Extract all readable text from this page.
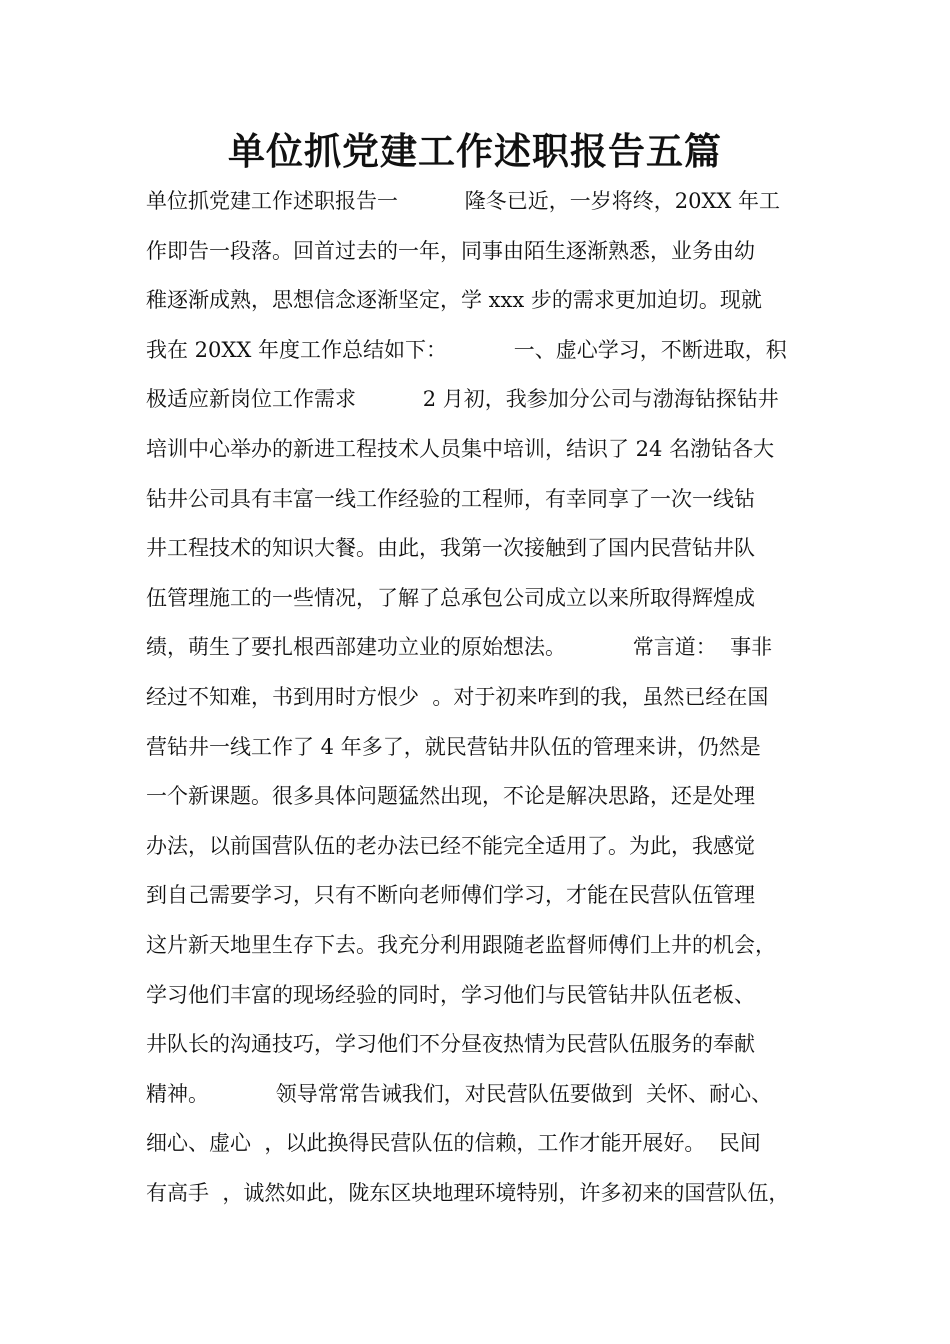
单位抓党建工作述职报告五篇
单位抓党建工作述职报告一          隆冬已近，一岁将终，20XX 年工
作即告一段落。回首过去的一年，同事由陌生逐渐熟悉，业务由幼
稚逐渐成熟，思想信念逐渐坚定，学 xxx 步的需求更加迫切。现就
我在 20XX 年度工作总结如下：          一、虚心学习，不断进取，积
极适应新岗位工作需求          2 月初，我参加分公司与渤海钻探钻井
培训中心举办的新进工程技术人员集中培训，结识了 24 名渤钻各大
钻井公司具有丰富一线工作经验的工程师，有幸同享了一次一线钻
井工程技术的知识大餐。由此，我第一次接触到了国内民营钻井队
伍管理施工的一些情况，了解了总承包公司成立以来所取得辉煌成
绩，萌生了要扎根西部建功立业的原始想法。          常言道：  事非
经过不知难，书到用时方恨少  。对于初来咋到的我，虽然已经在国
营钻井一线工作了 4 年多了，就民营钻井队伍的管理来讲，仍然是
一个新课题。很多具体问题猛然出现，不论是解决思路，还是处理
办法，以前国营队伍的老办法已经不能完全适用了。为此，我感觉
到自己需要学习，只有不断向老师傅们学习，才能在民营队伍管理
这片新天地里生存下去。我充分利用跟随老监督师傅们上井的机会，
学习他们丰富的现场经验的同时，学习他们与民管钻井队伍老板、
井队长的沟通技巧，学习他们不分昼夜热情为民营队伍服务的奉献
精神。          领导常常告诫我们，对民营队伍要做到  关怀、耐心、
细心、虚心  ，以此换得民营队伍的信赖，工作才能开展好。  民间
有高手  ，诚然如此，陇东区块地理环境特别，许多初来的国营队伍，
